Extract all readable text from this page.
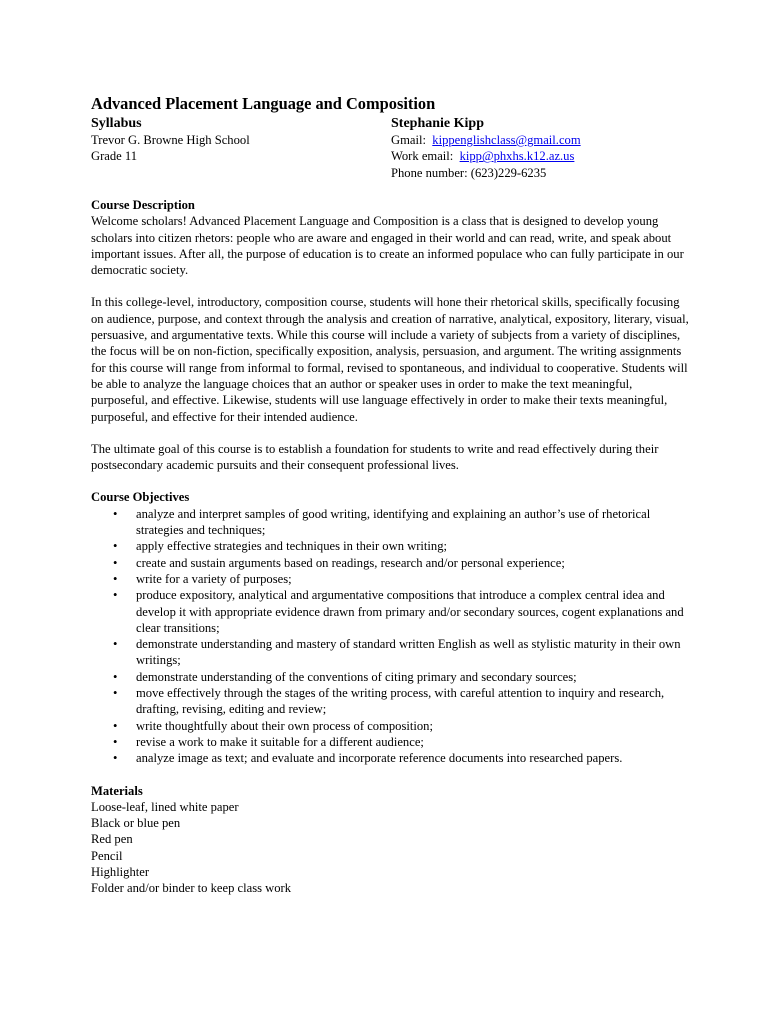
Advanced Placement Language and Composition
Syllabus
Trevor G. Browne High School
Grade 11
Stephanie Kipp
Gmail: kippenglishclass@gmail.com
Work email: kipp@phxhs.k12.az.us
Phone number: (623)229-6235
Course Description

Welcome scholars! Advanced Placement Language and Composition is a class that is designed to develop young scholars into citizen rhetors: people who are aware and engaged in their world and can read, write, and speak about important issues. After all, the purpose of education is to create an informed populace who can fully participate in our democratic society.

In this college-level, introductory, composition course, students will hone their rhetorical skills, specifically focusing on audience, purpose, and context through the analysis and creation of narrative, analytical, expository, literary, visual, persuasive, and argumentative texts. While this course will include a variety of subjects from a variety of disciplines, the focus will be on non-fiction, specifically exposition, analysis, persuasion, and argument. The writing assignments for this course will range from informal to formal, revised to spontaneous, and individual to cooperative. Students will be able to analyze the language choices that an author or speaker uses in order to make the text meaningful, purposeful, and effective. Likewise, students will use language effectively in order to make their texts meaningful, purposeful, and effective for their intended audience.

The ultimate goal of this course is to establish a foundation for students to write and read effectively during their postsecondary academic pursuits and their consequent professional lives.

Course Objectives
• analyze and interpret samples of good writing, identifying and explaining an author’s use of rhetorical strategies and techniques;
• apply effective strategies and techniques in their own writing;
• create and sustain arguments based on readings, research and/or personal experience;
• write for a variety of purposes;
• produce expository, analytical and argumentative compositions that introduce a complex central idea and develop it with appropriate evidence drawn from primary and/or secondary sources, cogent explanations and clear transitions;
• demonstrate understanding and mastery of standard written English as well as stylistic maturity in their own writings;
• demonstrate understanding of the conventions of citing primary and secondary sources;
• move effectively through the stages of the writing process, with careful attention to inquiry and research, drafting, revising, editing and review;
• write thoughtfully about their own process of composition;
• revise a work to make it suitable for a different audience;
• analyze image as text; and evaluate and incorporate reference documents into researched papers.
Materials
Loose-leaf, lined white paper
Black or blue pen
Red pen
Pencil
Highlighter
Folder and/or binder to keep class work
